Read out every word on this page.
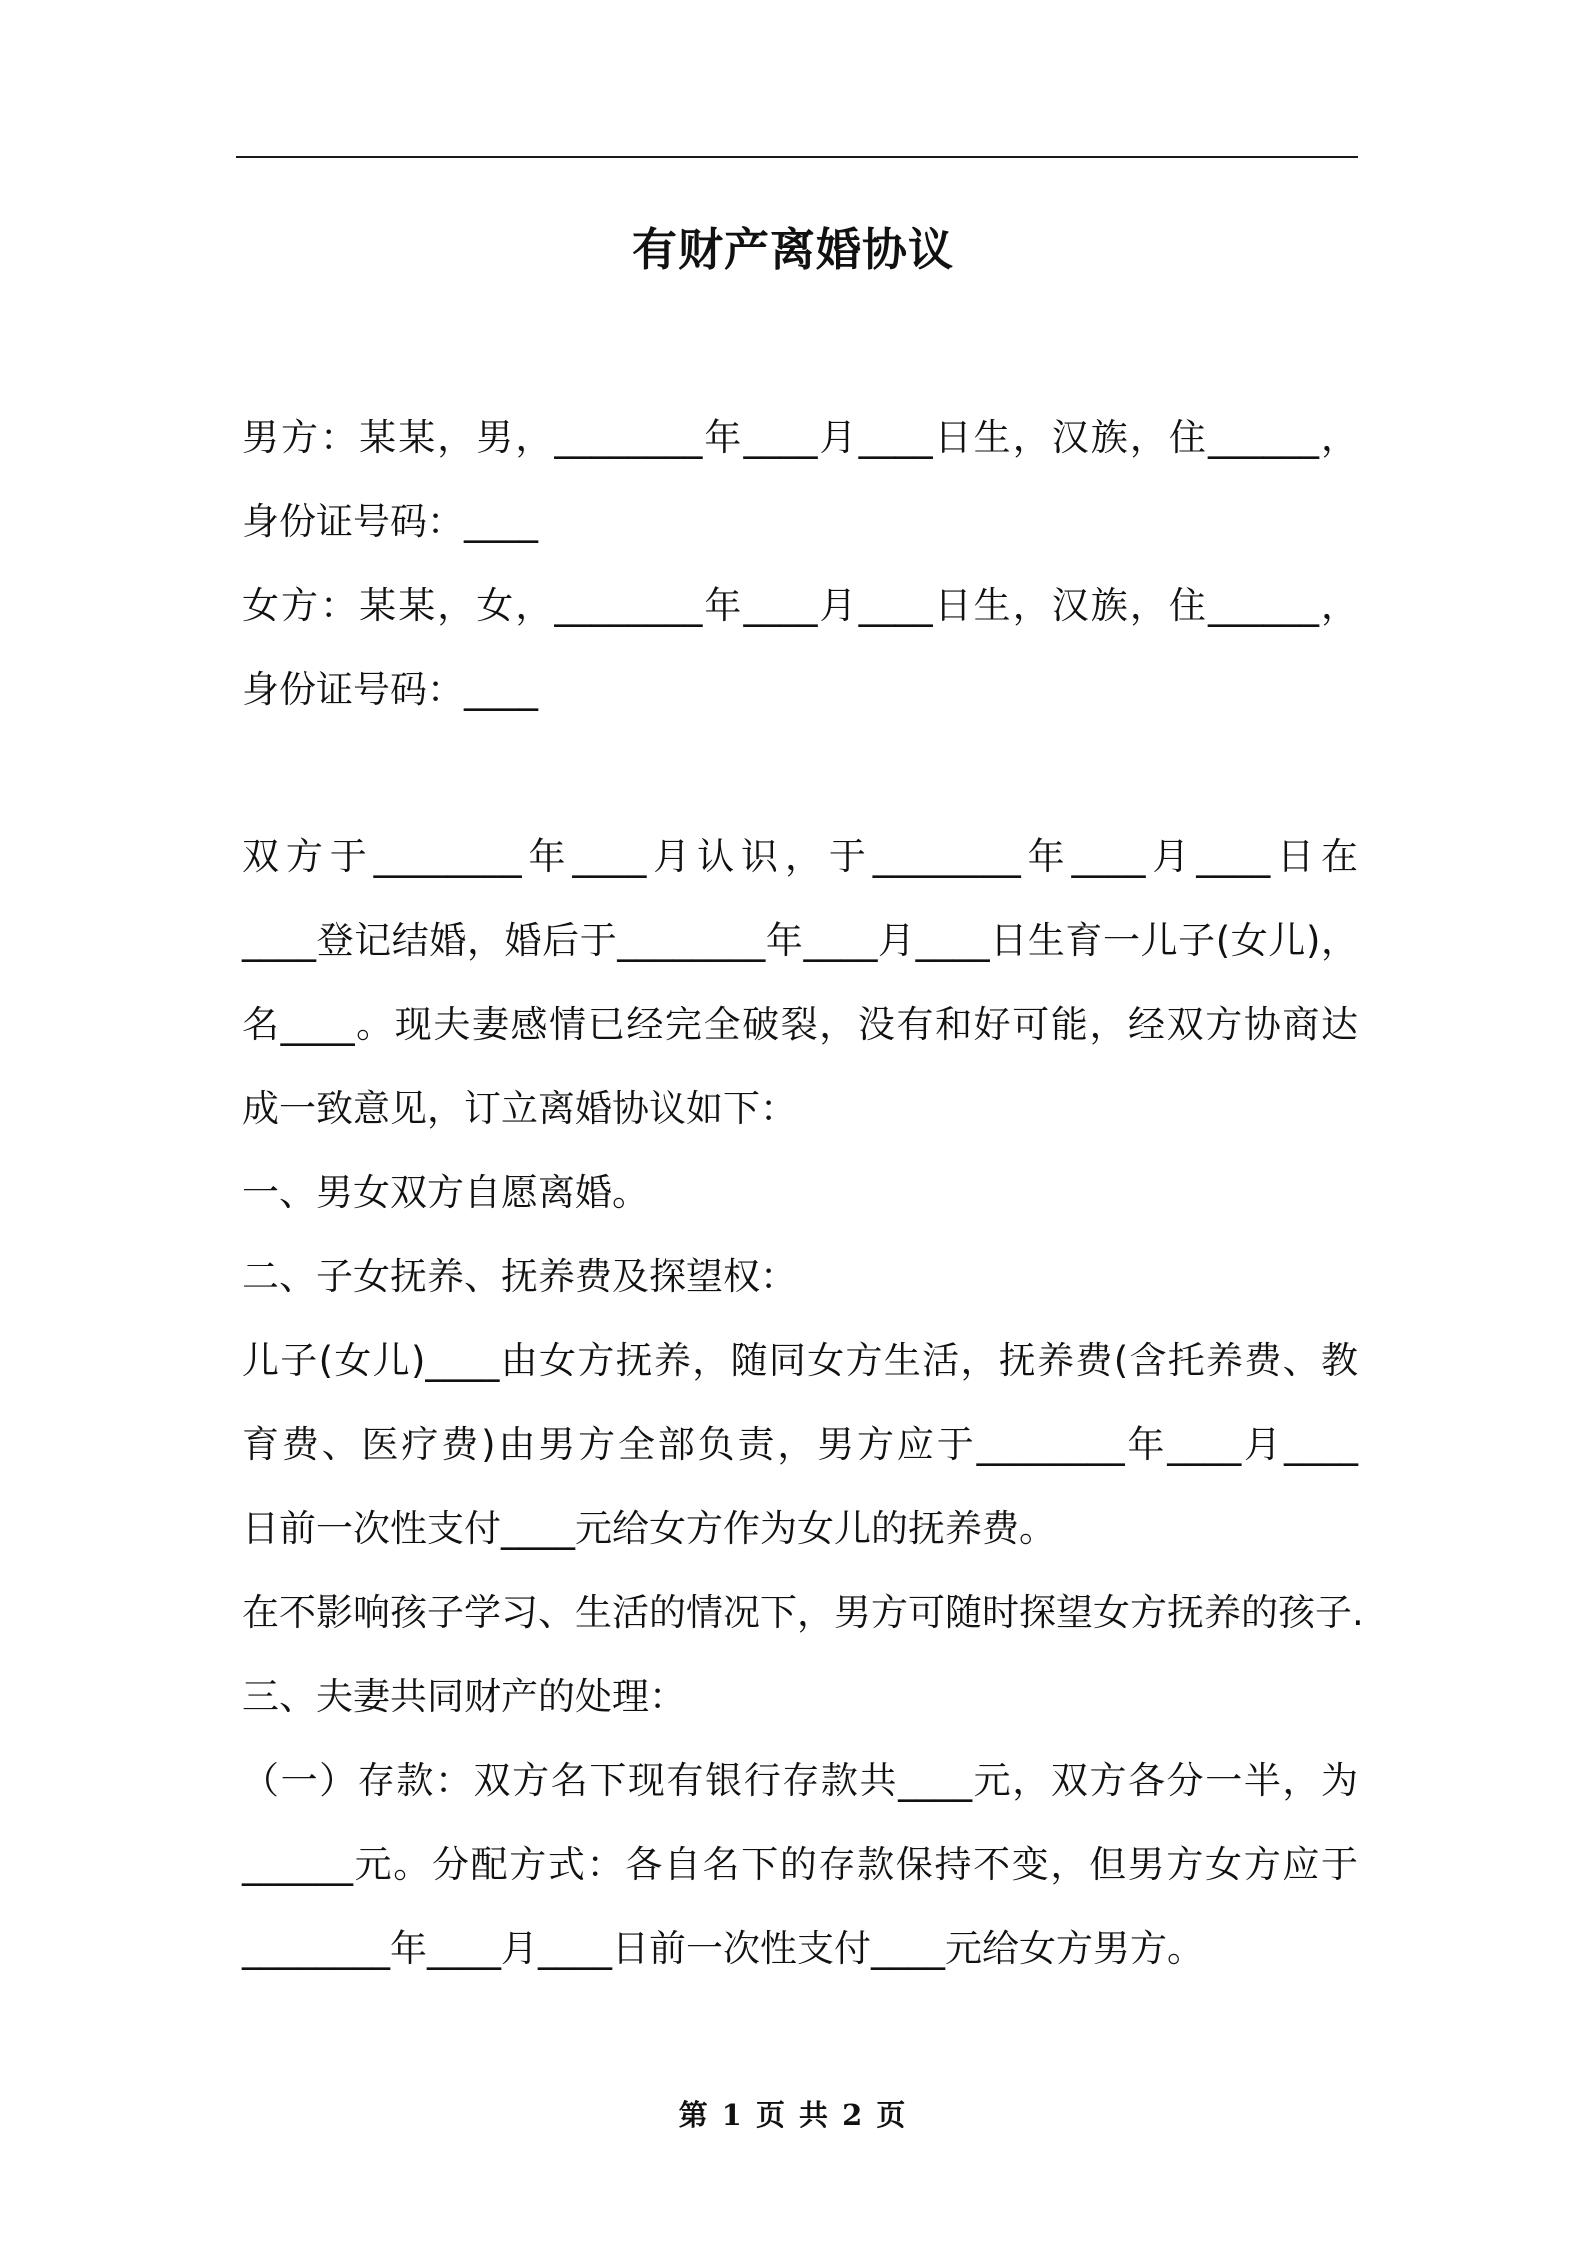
有财产离婚协议
男方：某某，男，________年____月____日生，汉族，住______，
身份证号码：____
女方：某某，女，________年____月____日生，汉族，住______，
身份证号码：____
双方于________年____月认识，于________年____月____日在
____登记结婚，婚后于________年____月____日生育一儿子(女儿)，
名____。现夫妻感情已经完全破裂，没有和好可能，经双方协商达
成一致意见，订立离婚协议如下：
一、男女双方自愿离婚。
二、子女抚养、抚养费及探望权：
儿子(女儿)____由女方抚养，随同女方生活，抚养费(含托养费、教
育费、医疗费)由男方全部负责，男方应于________年____月____
日前一次性支付____元给女方作为女儿的抚养费。
在不影响孩子学习、生活的情况下，男方可随时探望女方抚养的孩子.
三、夫妻共同财产的处理：
（一）存款：双方名下现有银行存款共____元，双方各分一半，为
______元。分配方式：各自名下的存款保持不变，但男方女方应于
________年____月____日前一次性支付____元给女方男方。
第 1 页 共 2 页
